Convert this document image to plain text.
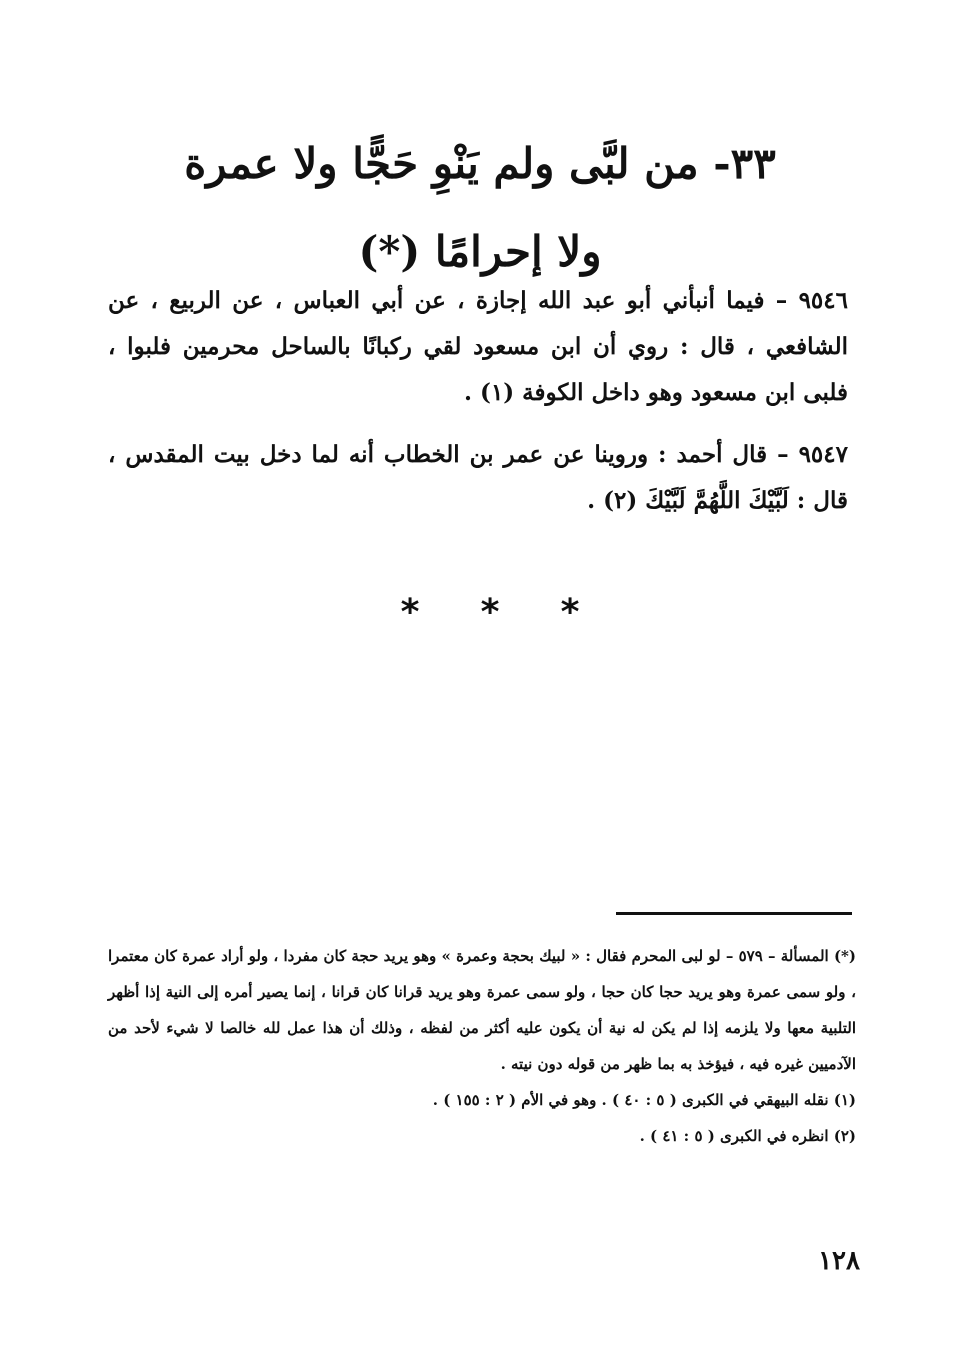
٣٣- من لبَّى ولم يَنْوِ حَجًّا ولا عمرة
ولا إحرامًا (*)
٩٥٤٦ – فيما أنبأني أبو عبد الله إجازة ، عن أبي العباس ، عن الربيع ، عن الشافعي ، قال : روي أن ابن مسعود لقي ركبانًا بالساحل محرمين فلبوا ، فلبى ابن مسعود وهو داخل الكوفة (١) .
٩٥٤٧ – قال أحمد : وروينا عن عمر بن الخطاب أنه لما دخل بيت المقدس ، قال : لَبَّيْكَ اللَّهُمَّ لَبَّيْكَ (٢) .
*	*	*
(*) المسألة – ٥٧٩ – لو لبى المحرم فقال : « لبيك بحجة وعمرة » وهو يريد حجة كان مفردا ، ولو أراد عمرة كان معتمرا ، ولو سمى عمرة وهو يريد حجا كان حجا ، ولو سمى عمرة وهو يريد قرانا كان قرانا ، إنما يصير أمره إلى النية إذا أظهر التلبية معها ولا يلزمه إذا لم يكن له نية أن يكون عليه أكثر من لفظه ، وذلك أن هذا عمل لله خالصا لا شيء لأحد من الآدميين غيره فيه ، فيؤخذ به بما ظهر من قوله دون نيته .
(١) نقله البيهقي في الكبرى ( ٥ : ٤٠ ) . وهو في الأم ( ٢ : ١٥٥ ) .
(٢) انظره في الكبرى ( ٥ : ٤١ ) .
١٢٨
